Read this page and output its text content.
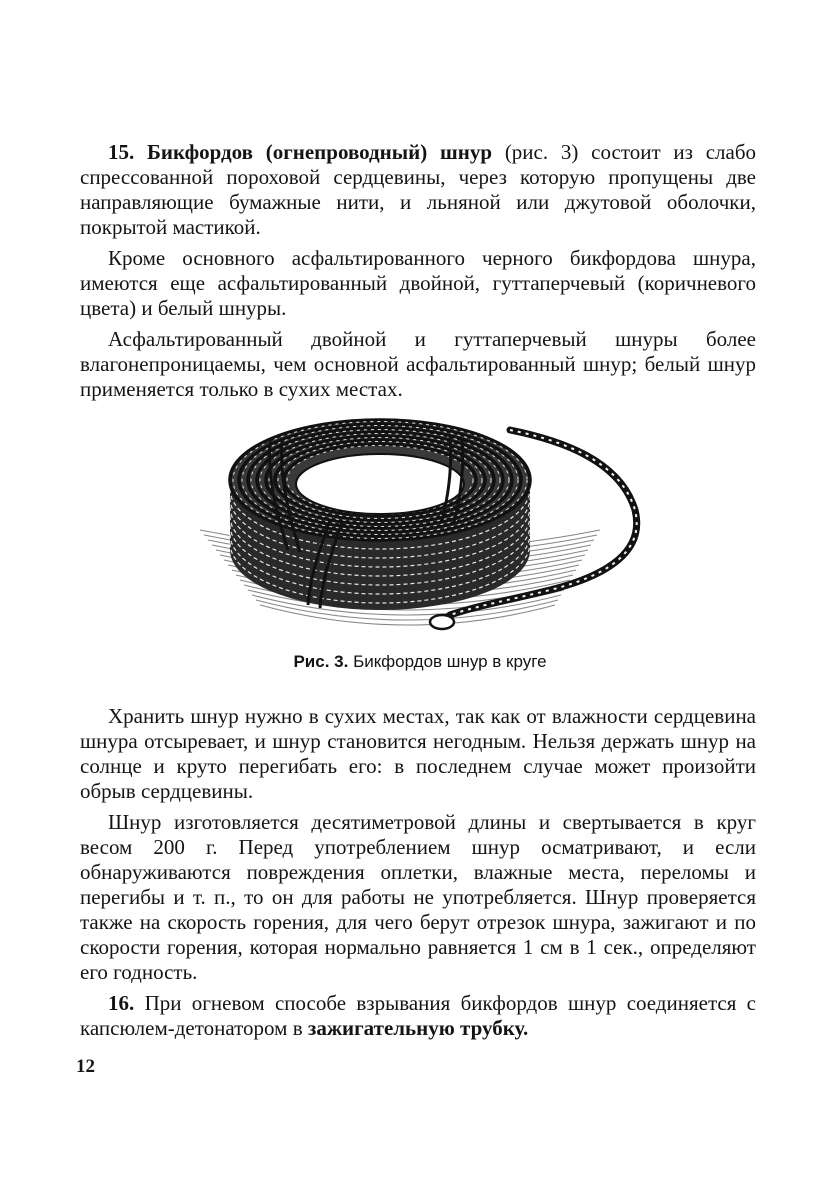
15. Бикфордов (огнепроводный) шнур (рис. 3) состоит из слабо спрессованной пороховой сердцевины, через которую пропущены две направляющие бумажные нити, и льняной или джутовой оболочки, покрытой мастикой.

Кроме основного асфальтированного черного бикфордова шнура, имеются еще асфальтированный двойной, гуттаперчевый (коричневого цвета) и белый шнуры.

Асфальтированный двойной и гуттаперчевый шнуры более влагонепроницаемы, чем основной асфальтированный шнур; белый шнур применяется только в сухих местах.

Рис. 3. Бикфордов шнур в круге

Хранить шнур нужно в сухих местах, так как от влажности сердцевина шнура отсыревает, и шнур становится негодным. Нельзя держать шнур на солнце и круто перегибать его: в последнем случае может произойти обрыв сердцевины.

Шнур изготовляется десятиметровой длины и свертывается в круг весом 200 г. Перед употреблением шнур осматривают, и если обнаруживаются повреждения оплетки, влажные места, переломы и перегибы и т. п., то он для работы не употребляется. Шнур проверяется также на скорость горения, для чего берут отрезок шнура, зажигают и по скорости горения, которая нормально равняется 1 см в 1 сек., определяют его годность.

16. При огневом способе взрывания бикфордов шнур соединяется с капсюлем-детонатором в зажигательную трубку.

12
